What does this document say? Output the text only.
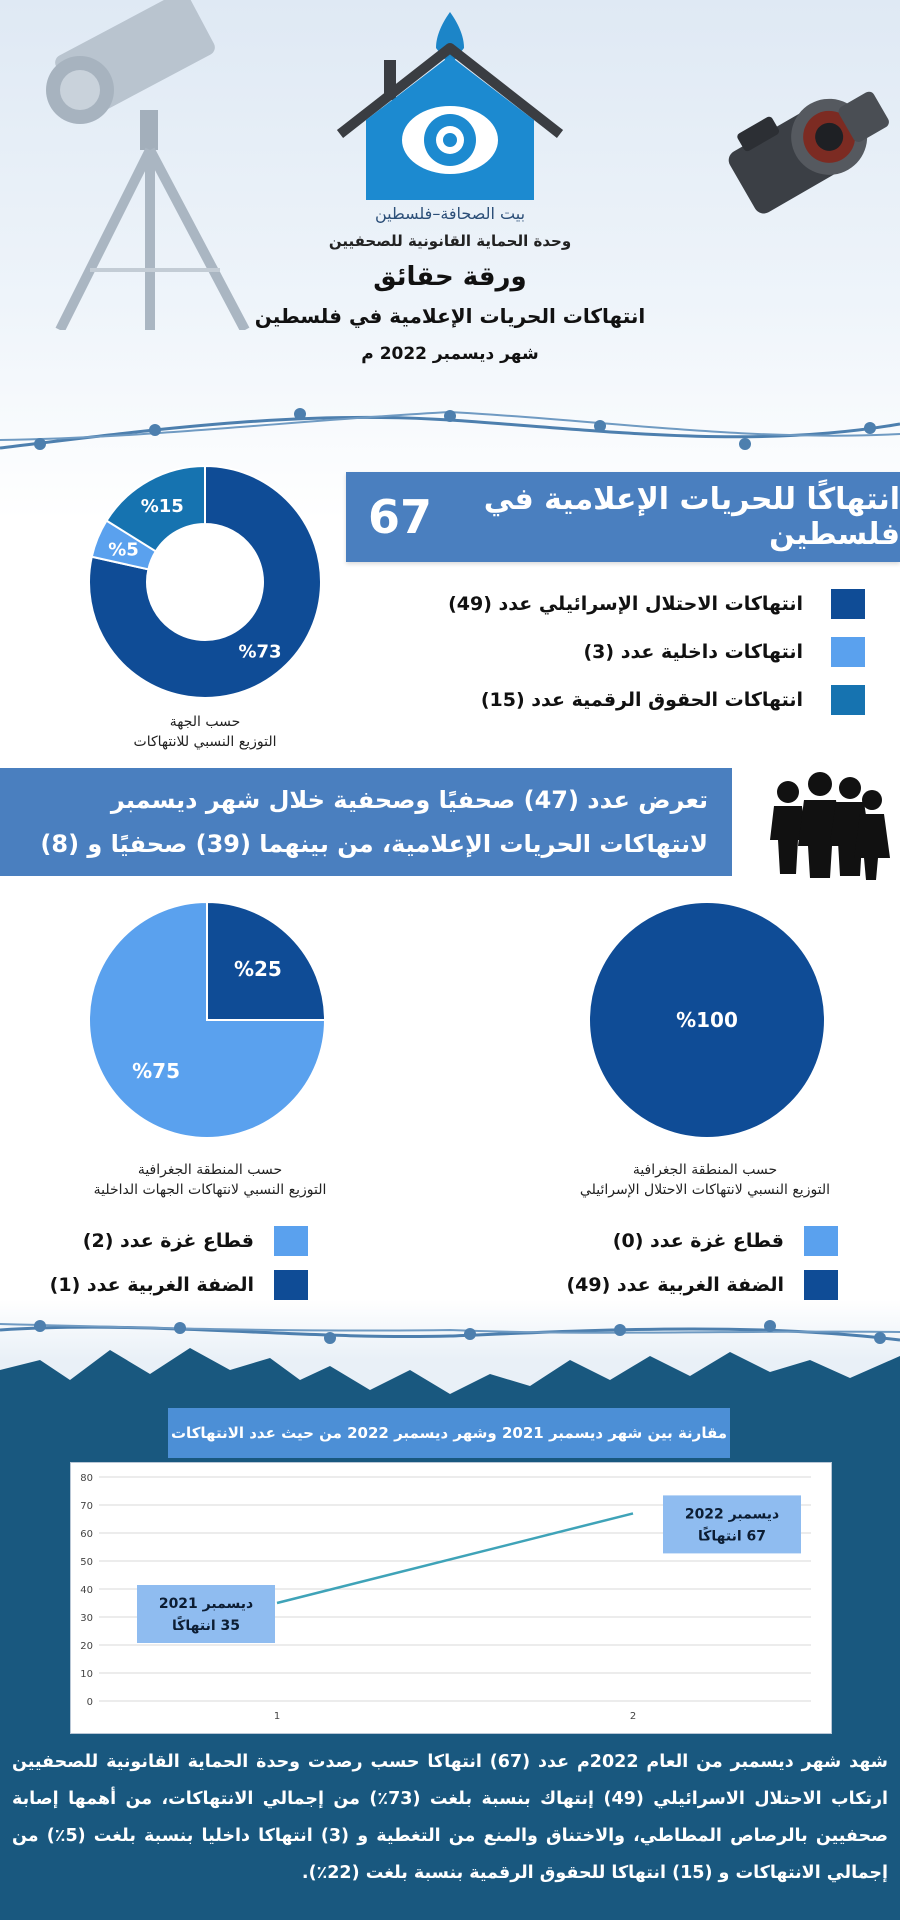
بيت الصحافة–فلسطين
وحدة الحماية القانونية للصحفيين
ورقة حقائق
انتهاكات الحريات الإعلامية في فلسطين
شهر ديسمبر 2022 م
انتهاكًا للحريات الإعلامية في فلسطين
67
انتهاكات الاحتلال الإسرائيلي عدد (49)
انتهاكات داخلية عدد (3)
انتهاكات الحقوق الرقمية عدد (15)
%73
%5
%15
حسب الجهة
التوزيع النسبي للانتهاكات
تعرض عدد (47) صحفيًا وصحفية خلال شهر ديسمبر لانتهاكات الحريات الإعلامية، من بينهما (39) صحفيًا و (8) صحفيات.
%25
%75
%100
حسب المنطقة الجغرافية
التوزيع النسبي لانتهاكات الجهات الداخلية
حسب المنطقة الجغرافية
التوزيع النسبي لانتهاكات الاحتلال الإسرائيلي
قطاع غزة عدد (2)
الضفة الغربية عدد (1)
قطاع غزة عدد (0)
الضفة الغربية عدد (49)
مقارنة بين شهر ديسمبر 2021 وشهر ديسمبر 2022 من حيث عدد الانتهاكات
0
10
20
30
40
50
60
70
80
1	2
ديسمبر 2021
35 انتهاكًا
ديسمبر 2022
67 انتهاكًا
شهد شهر ديسمبر من العام 2022م عدد (67) انتهاكا حسب رصدت وحدة الحماية القانونية للصحفيين ارتكاب الاحتلال الاسرائيلي (49) إنتهاك بنسبة بلغت (73٪) من إجمالي الانتهاكات، من أهمها إصابة صحفيين بالرصاص المطاطي، والاختناق والمنع من التغطية و (3) انتهاكا داخليا بنسبة بلغت (5٪) من إجمالي الانتهاكات و (15) انتهاكا للحقوق الرقمية بنسبة بلغت (22٪).
